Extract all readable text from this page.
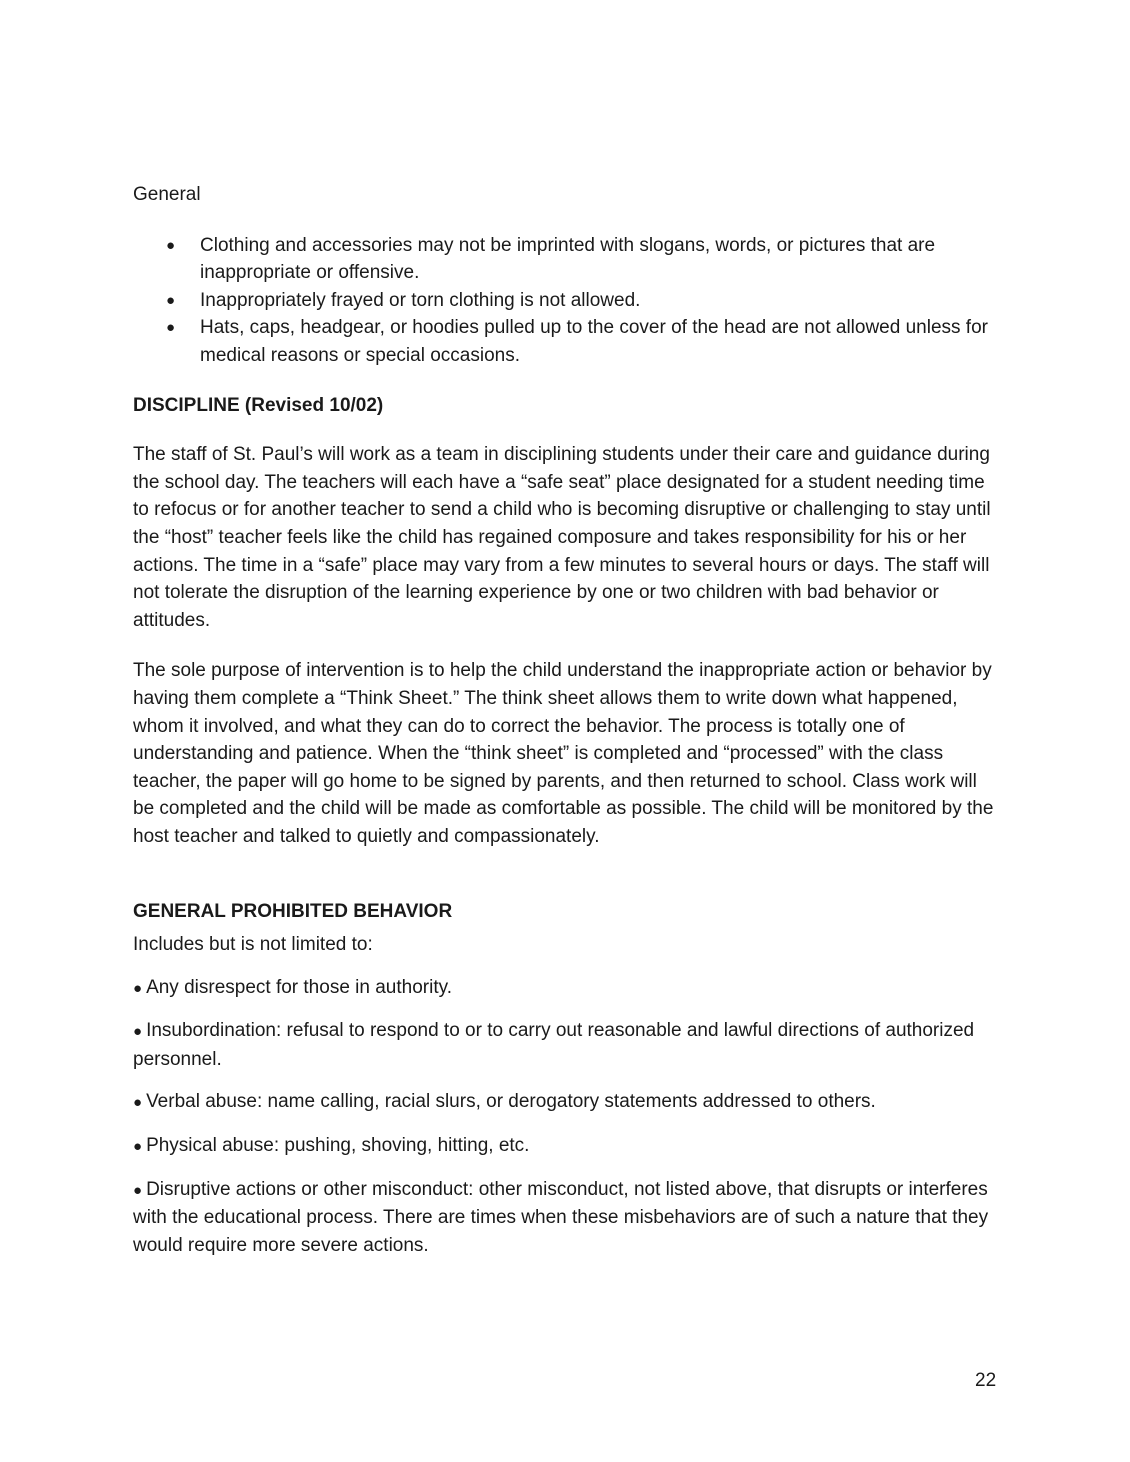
General

● Clothing and accessories may not be imprinted with slogans, words, or pictures that are inappropriate or offensive.
● Inappropriately frayed or torn clothing is not allowed.
● Hats, caps, headgear, or hoodies pulled up to the cover of the head are not allowed unless for medical reasons or special occasions.

DISCIPLINE (Revised 10/02)

The staff of St. Paul’s will work as a team in disciplining students under their care and guidance during the school day. The teachers will each have a “safe seat” place designated for a student needing time to refocus or for another teacher to send a child who is becoming disruptive or challenging to stay until the “host” teacher feels like the child has regained composure and takes responsibility for his or her actions. The time in a “safe” place may vary from a few minutes to several hours or days. The staff will not tolerate the disruption of the learning experience by one or two children with bad behavior or attitudes.

The sole purpose of intervention is to help the child understand the inappropriate action or behavior by having them complete a “Think Sheet.” The think sheet allows them to write down what happened, whom it involved, and what they can do to correct the behavior. The process is totally one of understanding and patience. When the “think sheet” is completed and “processed” with the class teacher, the paper will go home to be signed by parents, and then returned to school. Class work will be completed and the child will be made as comfortable as possible. The child will be monitored by the host teacher and talked to quietly and compassionately.

GENERAL PROHIBITED BEHAVIOR

Includes but is not limited to:

● Any disrespect for those in authority.

● Insubordination: refusal to respond to or to carry out reasonable and lawful directions of authorized personnel.

● Verbal abuse: name calling, racial slurs, or derogatory statements addressed to others.

● Physical abuse: pushing, shoving, hitting, etc.

● Disruptive actions or other misconduct: other misconduct, not listed above, that disrupts or interferes with the educational process. There are times when these misbehaviors are of such a nature that they would require more severe actions.

22
